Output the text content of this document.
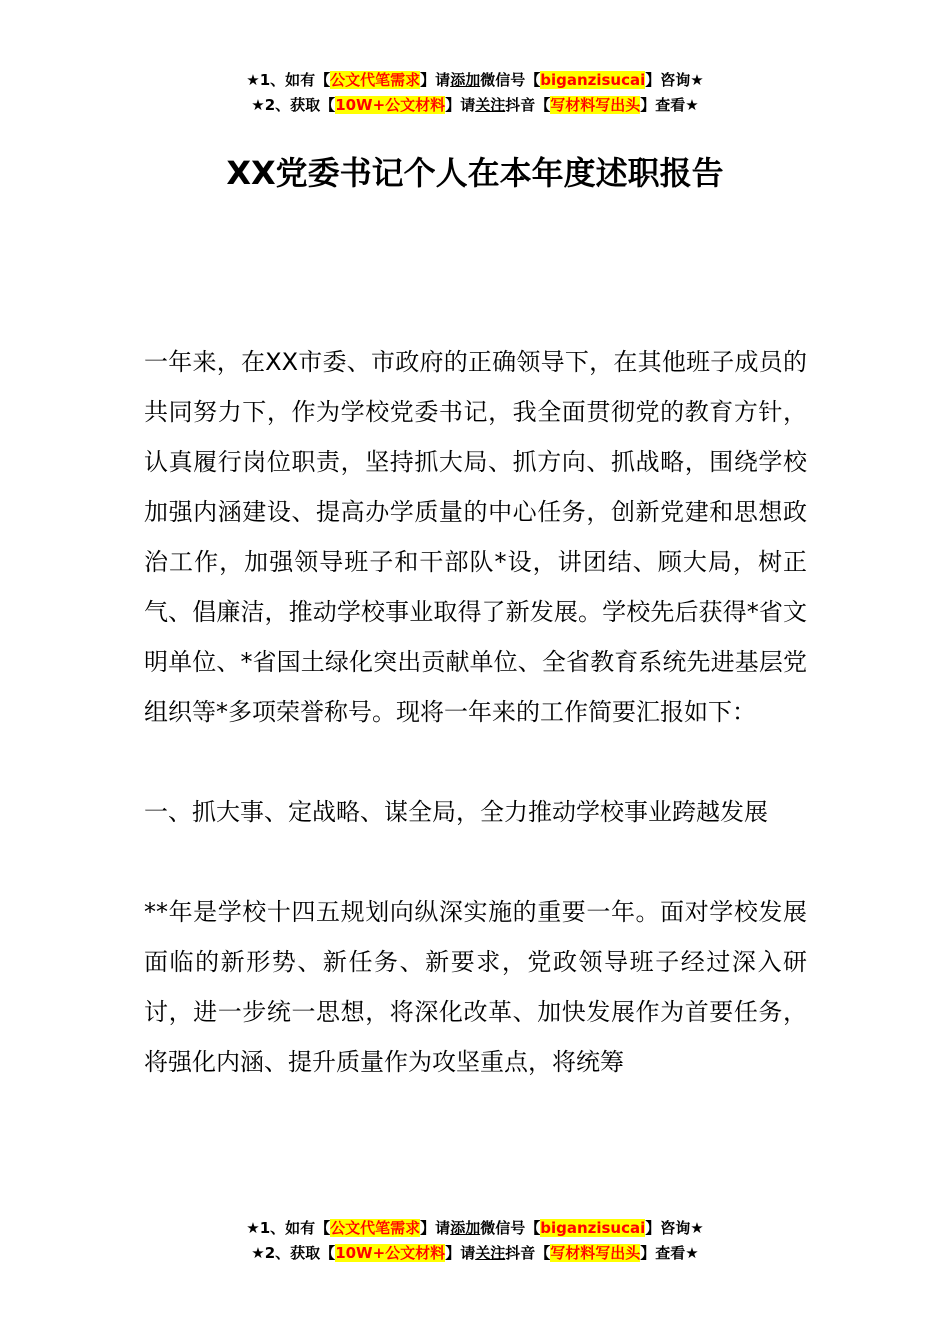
★1、如有【公文代笔需求】请添加微信号【biganzisucai】咨询★
★2、获取【10W+公文材料】请关注抖音【写材料写出头】查看★
XX党委书记个人在本年度述职报告

一年来，在XX市委、市政府的正确领导下，在其他班子成员的共同努力下，作为学校党委书记，我全面贯彻党的教育方针，认真履行岗位职责，坚持抓大局、抓方向、抓战略，围绕学校加强内涵建设、提高办学质量的中心任务，创新党建和思想政治工作，加强领导班子和干部队*设，讲团结、顾大局，树正气、倡廉洁，推动学校事业取得了新发展。学校先后获得*省文明单位、*省国土绿化突出贡献单位、全省教育系统先进基层党组织等*多项荣誉称号。现将一年来的工作简要汇报如下：

一、抓大事、定战略、谋全局，全力推动学校事业跨越发展

**年是学校十四五规划向纵深实施的重要一年。面对学校发展面临的新形势、新任务、新要求，党政领导班子经过深入研讨，进一步统一思想，将深化改革、加快发展作为首要任务，将强化内涵、提升质量作为攻坚重点，将统筹

★1、如有【公文代笔需求】请添加微信号【biganzisucai】咨询★
★2、获取【10W+公文材料】请关注抖音【写材料写出头】查看★
